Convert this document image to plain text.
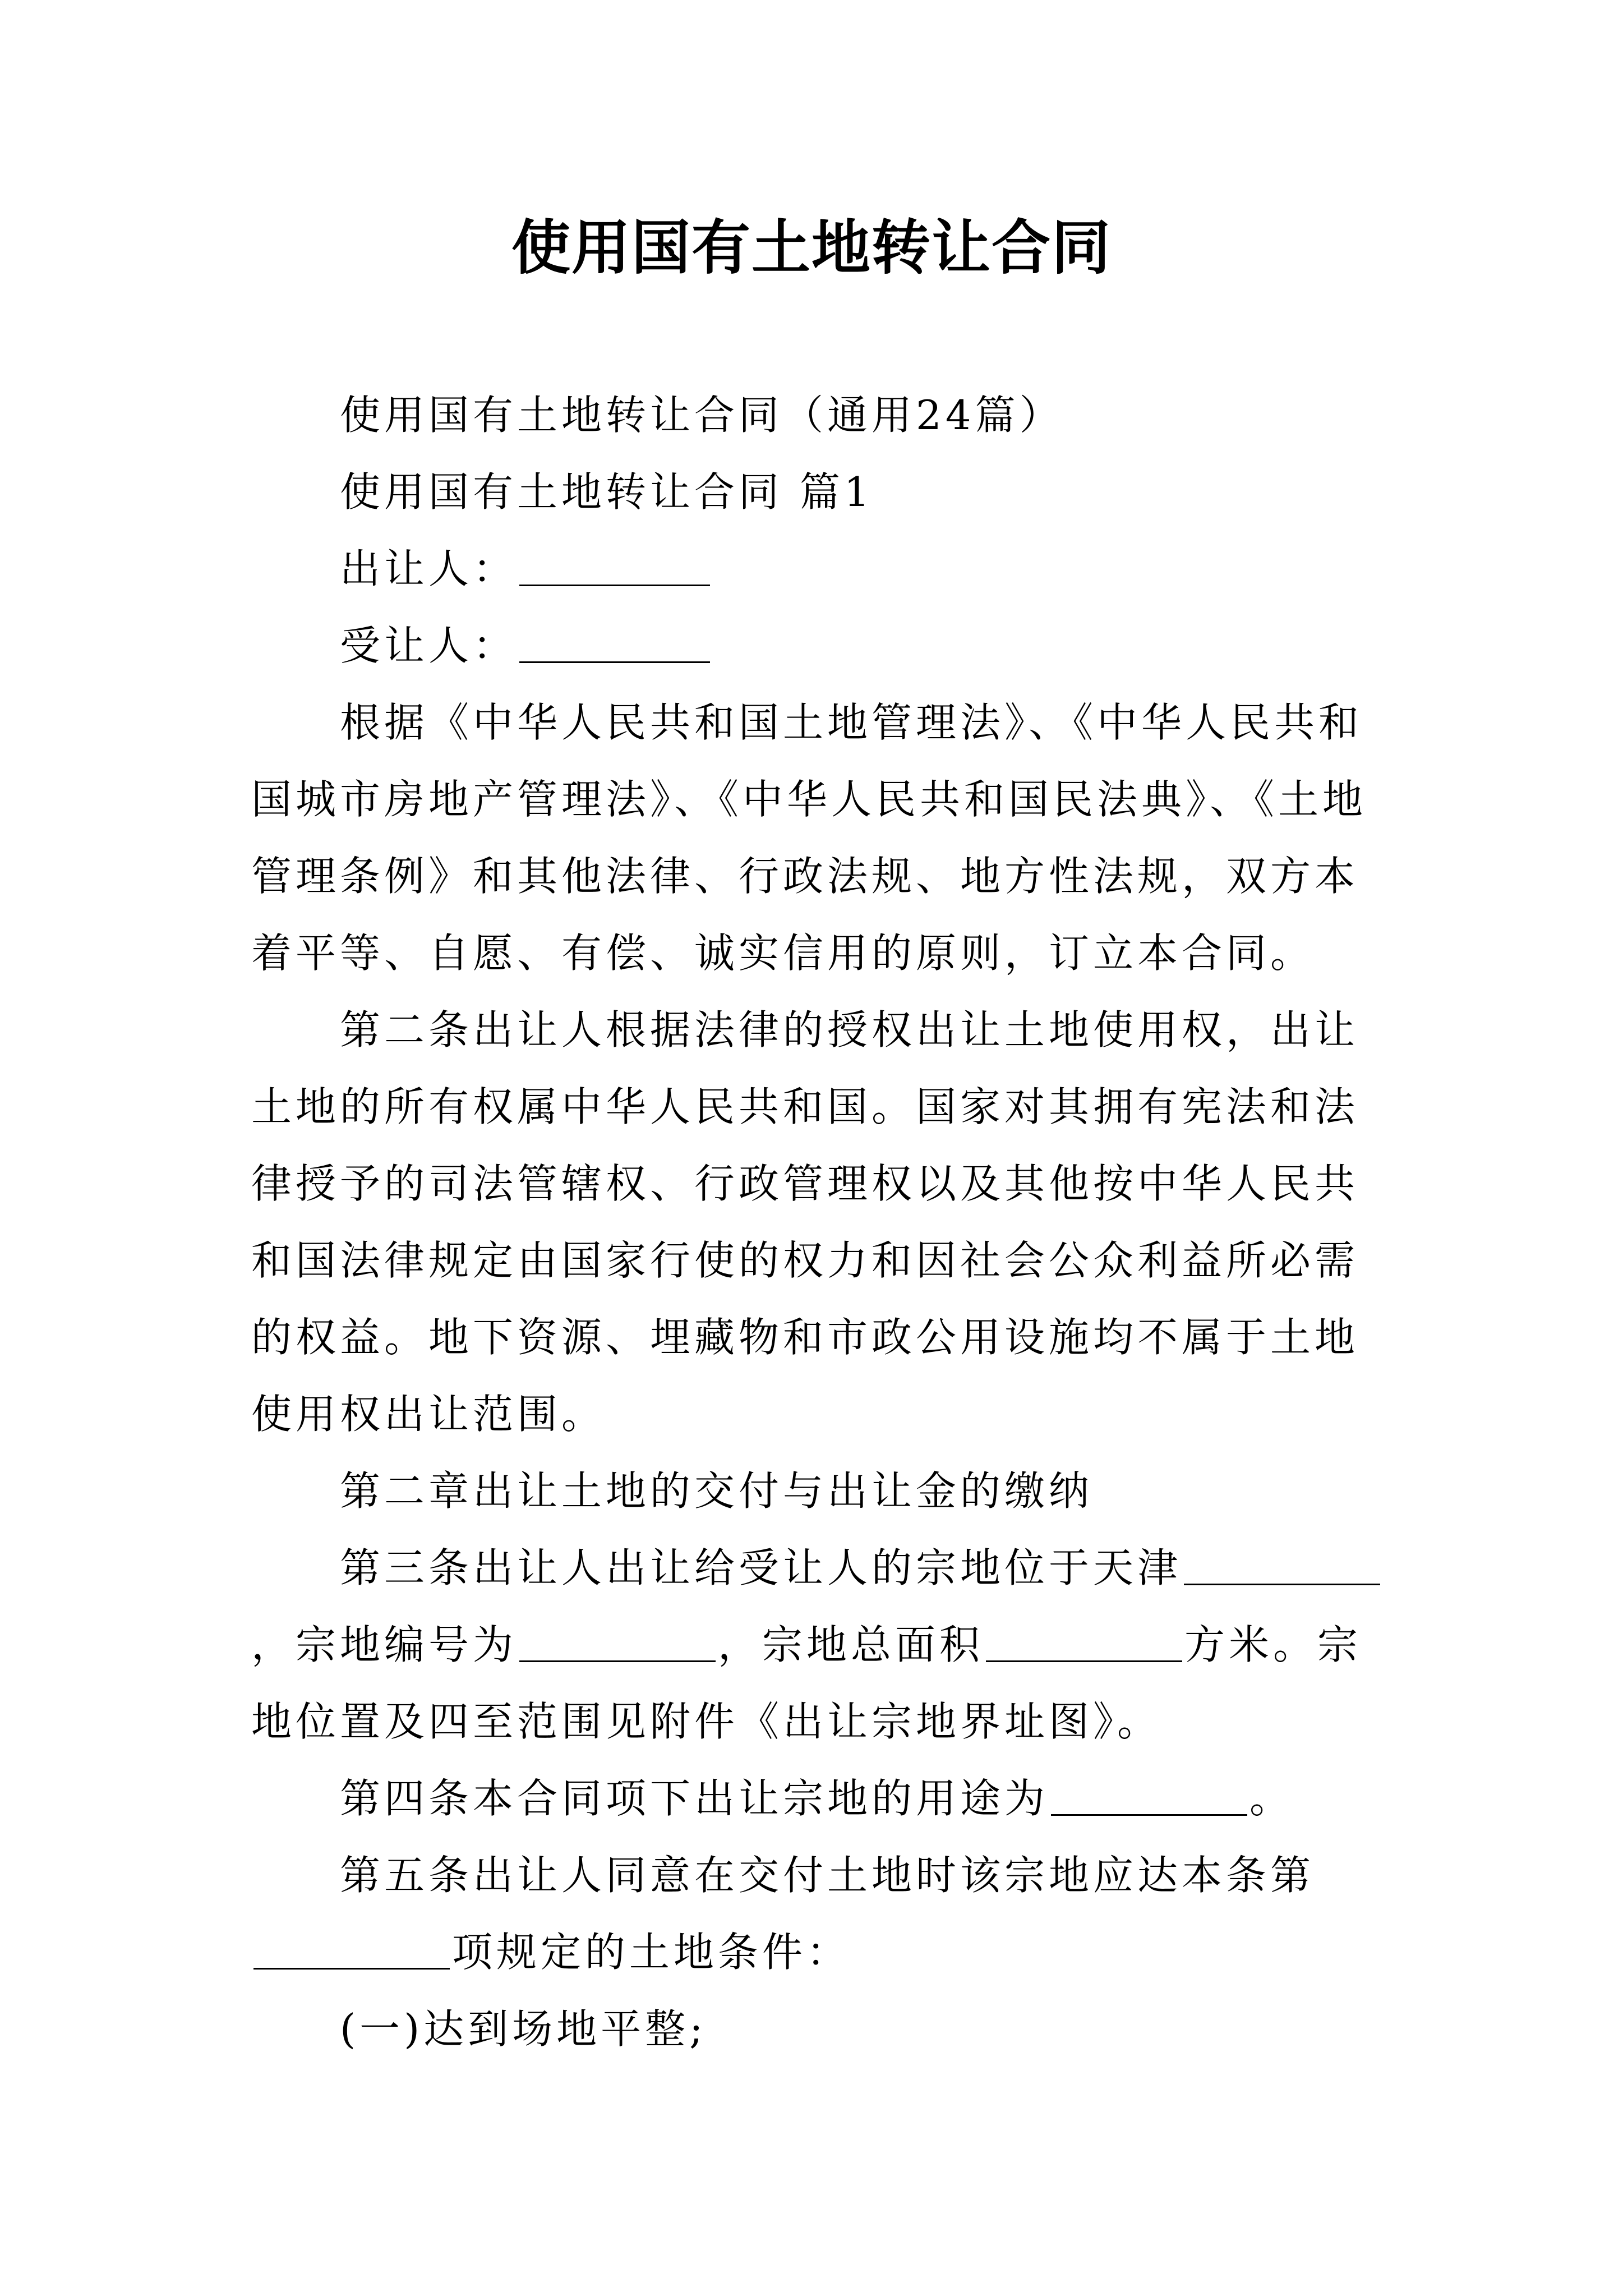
使用国有土地转让合同

使用国有土地转让合同（通用24篇）

使用国有土地转让合同 篇1

出让人：

受让人：

根据《中华人民共和国土地管理法》、《中华人民共和国城市房地产管理法》、《中华人民共和国民法典》、《土地管理条例》和其他法律、行政法规、地方性法规，双方本着平等、自愿、有偿、诚实信用的原则，订立本合同。

第二条出让人根据法律的授权出让土地使用权，出让土地的所有权属中华人民共和国。国家对其拥有宪法和法律授予的司法管辖权、行政管理权以及其他按中华人民共和国法律规定由国家行使的权力和因社会公众利益所必需的权益。地下资源、埋藏物和市政公用设施均不属于土地使用权出让范围。

第二章出让土地的交付与出让金的缴纳

第三条出让人出让给受让人的宗地位于天津，宗地编号为	，宗地总面积	方米。宗地位置及四至范围见附件《出让宗地界址图》。

第四条本合同项下出让宗地的用途为	。

第五条出让人同意在交付土地时该宗地应达本条第项规定的土地条件：

(一)达到场地平整;
